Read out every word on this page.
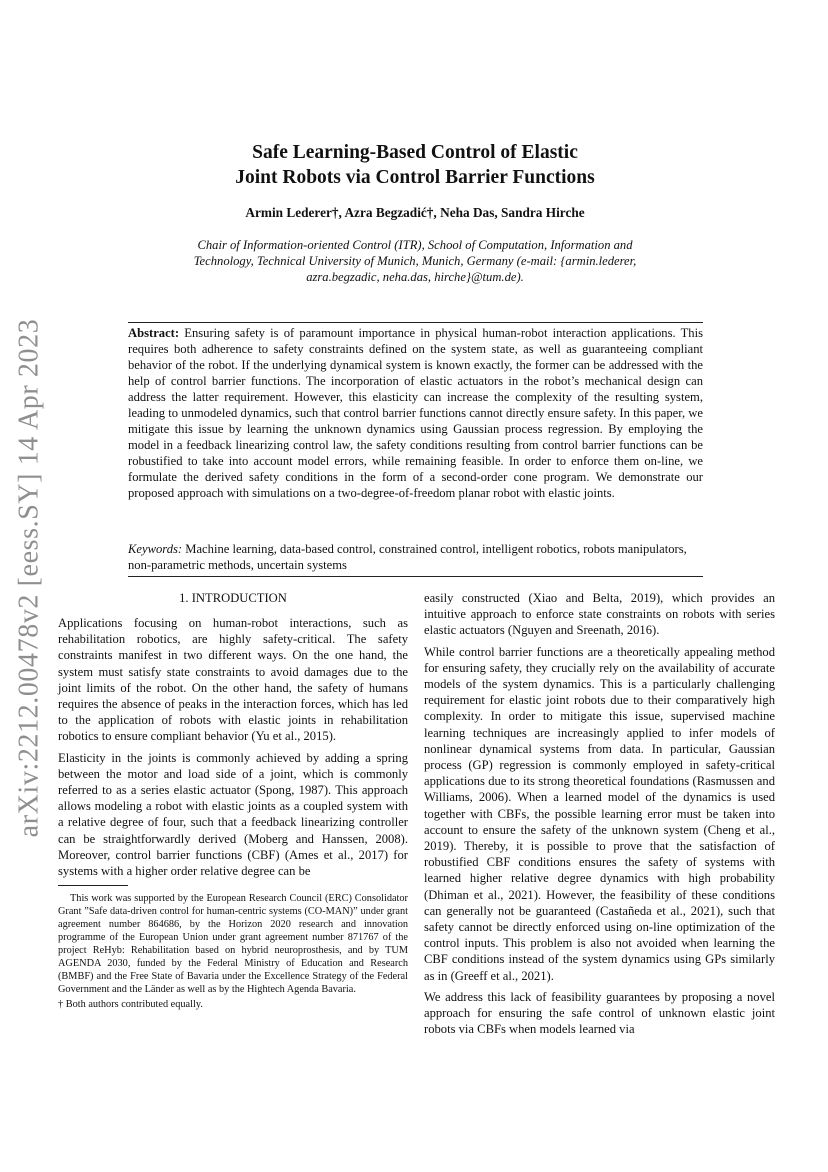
arXiv:2212.00478v2 [eess.SY] 14 Apr 2023
Safe Learning-Based Control of Elastic
Joint Robots via Control Barrier Functions
Armin Lederer†, Azra Begzadić†, Neha Das, Sandra Hirche
Chair of Information-oriented Control (ITR), School of Computation, Information and Technology, Technical University of Munich, Munich, Germany (e-mail: {armin.lederer, azra.begzadic, neha.das, hirche}@tum.de).
Abstract: Ensuring safety is of paramount importance in physical human-robot interaction applications. This requires both adherence to safety constraints defined on the system state, as well as guaranteeing compliant behavior of the robot. If the underlying dynamical system is known exactly, the former can be addressed with the help of control barrier functions. The incorporation of elastic actuators in the robot’s mechanical design can address the latter requirement. However, this elasticity can increase the complexity of the resulting system, leading to unmodeled dynamics, such that control barrier functions cannot directly ensure safety. In this paper, we mitigate this issue by learning the unknown dynamics using Gaussian process regression. By employing the model in a feedback linearizing control law, the safety conditions resulting from control barrier functions can be robustified to take into account model errors, while remaining feasible. In order to enforce them on-line, we formulate the derived safety conditions in the form of a second-order cone program. We demonstrate our proposed approach with simulations on a two-degree-of-freedom planar robot with elastic joints.
Keywords: Machine learning, data-based control, constrained control, intelligent robotics, robots manipulators, non-parametric methods, uncertain systems
1. INTRODUCTION

Applications focusing on human-robot interactions, such as rehabilitation robotics, are highly safety-critical. The safety constraints manifest in two different ways. On the one hand, the system must satisfy state constraints to avoid damages due to the joint limits of the robot. On the other hand, the safety of humans requires the absence of peaks in the interaction forces, which has led to the application of robots with elastic joints in rehabilitation robotics to ensure compliant behavior (Yu et al., 2015).

Elasticity in the joints is commonly achieved by adding a spring between the motor and load side of a joint, which is commonly referred to as a series elastic actuator (Spong, 1987). This approach allows modeling a robot with elastic joints as a coupled system with a relative degree of four, such that a feedback linearizing controller can be straightforwardly derived (Moberg and Hanssen, 2008). Moreover, control barrier functions (CBF) (Ames et al., 2017) for systems with a higher order relative degree can be

This work was supported by the European Research Council (ERC) Consolidator Grant ”Safe data-driven control for human-centric systems (CO-MAN)” under grant agreement number 864686, by the Horizon 2020 research and innovation programme of the European Union under grant agreement number 871767 of the project ReHyb: Rehabilitation based on hybrid neuroprosthesis, and by TUM AGENDA 2030, funded by the Federal Ministry of Education and Research (BMBF) and the Free State of Bavaria under the Excellence Strategy of the Federal Government and the Länder as well as by the Hightech Agenda Bavaria.

† Both authors contributed equally.

easily constructed (Xiao and Belta, 2019), which provides an intuitive approach to enforce state constraints on robots with series elastic actuators (Nguyen and Sreenath, 2016).

While control barrier functions are a theoretically appealing method for ensuring safety, they crucially rely on the availability of accurate models of the system dynamics. This is a particularly challenging requirement for elastic joint robots due to their comparatively high complexity. In order to mitigate this issue, supervised machine learning techniques are increasingly applied to infer models of nonlinear dynamical systems from data. In particular, Gaussian process (GP) regression is commonly employed in safety-critical applications due to its strong theoretical foundations (Rasmussen and Williams, 2006). When a learned model of the dynamics is used together with CBFs, the possible learning error must be taken into account to ensure the safety of the unknown system (Cheng et al., 2019). Thereby, it is possible to prove that the satisfaction of robustified CBF conditions ensures the safety of systems with learned higher relative degree dynamics with high probability (Dhiman et al., 2021). However, the feasibility of these conditions can generally not be guaranteed (Castañeda et al., 2021), such that safety cannot be directly enforced using on-line optimization of the control inputs. This problem is also not avoided when learning the CBF conditions instead of the system dynamics using GPs similarly as in (Greeff et al., 2021).

We address this lack of feasibility guarantees by proposing a novel approach for ensuring the safe control of unknown elastic joint robots via CBFs when models learned via
